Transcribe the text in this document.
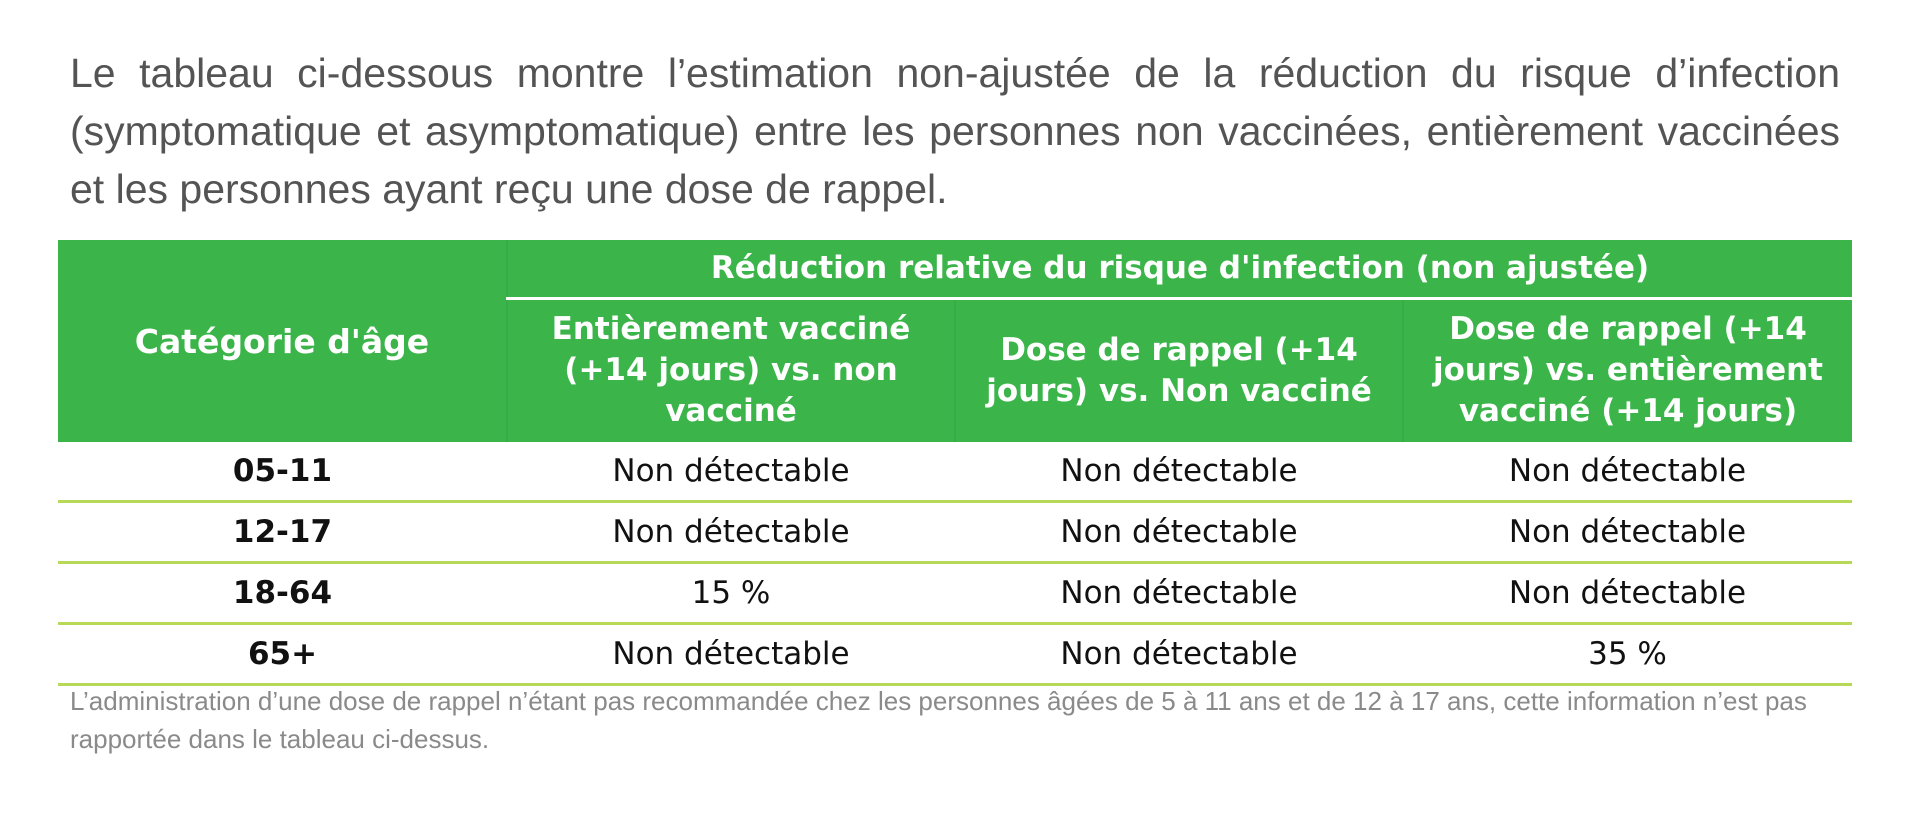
Le tableau ci-dessous montre l’estimation non-ajustée de la réduction du risque d’infection (symptomatique et asymptomatique) entre les personnes non vaccinées, entièrement vaccinées et les personnes ayant reçu une dose de rappel.

Catégorie d'âge	Réduction relative du risque d'infection (non ajustée)		
	Entièrement vacciné (+14 jours) vs. non vacciné	Dose de rappel (+14 jours) vs. Non vacciné	Dose de rappel (+14 jours) vs. entièrement vacciné (+14 jours)
05-11	Non détectable	Non détectable	Non détectable
12-17	Non détectable	Non détectable	Non détectable
18-64	15 %	Non détectable	Non détectable
65+	Non détectable	Non détectable	35 %

L’administration d’une dose de rappel n’étant pas recommandée chez les personnes âgées de 5 à 11 ans et de 12 à 17 ans, cette information n’est pas rapportée dans le tableau ci-dessus.
